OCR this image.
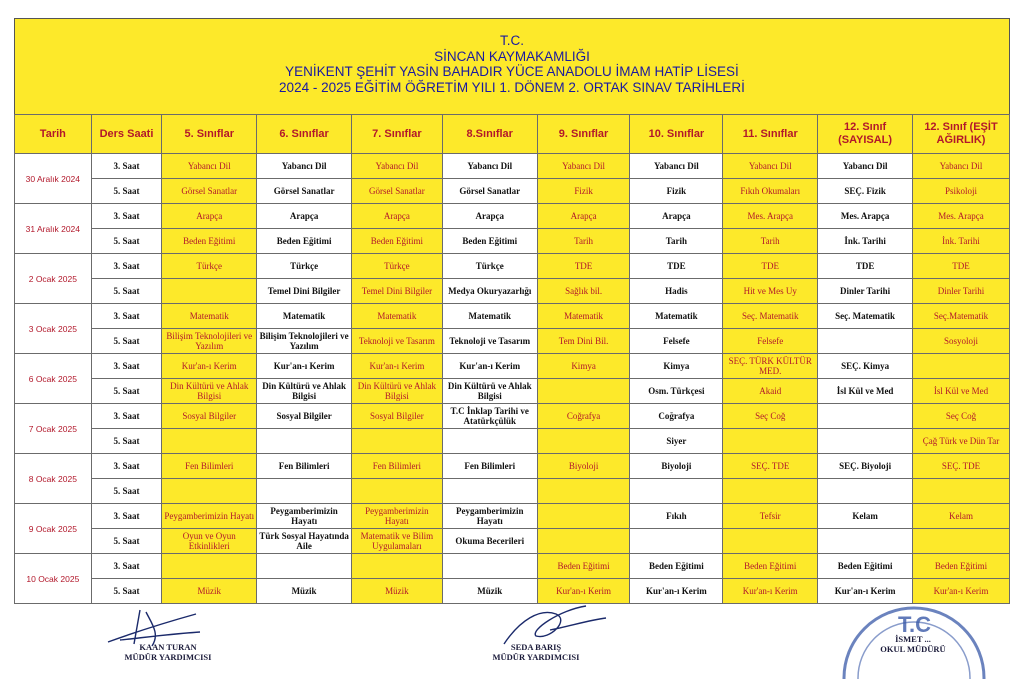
T.C.
SİNCAN KAYMAKAMLIĞI
YENİKENT ŞEHİT YASİN BAHADIR YÜCE ANADOLU İMAM HATİP LİSESİ
2024 - 2025 EĞİTİM ÖĞRETİM YILI 1. DÖNEM 2. ORTAK SINAV TARİHLERİ
Tarih	Ders Saati	5. Sınıflar	6. Sınıflar	7. Sınıflar	8.Sınıflar	9. Sınıflar	10. Sınıflar	11. Sınıflar	12. Sınıf (SAYISAL)	12. Sınıf (EŞİT AĞIRLIK)
30 Aralık 2024	3. Saat	Yabancı Dil	Yabancı Dil	Yabancı Dil	Yabancı Dil	Yabancı Dil	Yabancı Dil	Yabancı Dil	Yabancı Dil	Yabancı Dil
	5. Saat	Görsel Sanatlar	Görsel Sanatlar	Görsel Sanatlar	Görsel Sanatlar	Fizik	Fizik	Fıkıh Okumaları	SEÇ. Fizik	Psikoloji
31 Aralık 2024	3. Saat	Arapça	Arapça	Arapça	Arapça	Arapça	Arapça	Mes. Arapça	Mes. Arapça	Mes. Arapça
	5. Saat	Beden Eğitimi	Beden Eğitimi	Beden Eğitimi	Beden Eğitimi	Tarih	Tarih	Tarih	İnk. Tarihi	İnk. Tarihi
2 Ocak 2025	3. Saat	Türkçe	Türkçe	Türkçe	Türkçe	TDE	TDE	TDE	TDE	TDE
	5. Saat		Temel Dini Bilgiler	Temel Dini Bilgiler	Medya Okuryazarlığı	Sağlık bil.	Hadis	Hit ve Mes Uy	Dinler Tarihi	Dinler Tarihi
3 Ocak 2025	3. Saat	Matematik	Matematik	Matematik	Matematik	Matematik	Matematik	Seç. Matematik	Seç. Matematik	Seç.Matematik
	5. Saat	Bilişim Teknolojileri ve Yazılım	Bilişim Teknolojileri ve Yazılım	Teknoloji ve Tasarım	Teknoloji ve Tasarım	Tem Dini Bil.	Felsefe	Felsefe		Sosyoloji
6 Ocak 2025	3. Saat	Kur'an-ı Kerim	Kur'an-ı Kerim	Kur'an-ı Kerim	Kur'an-ı Kerim	Kimya	Kimya	SEÇ. TÜRK KÜLTÜR MED.	SEÇ. Kimya	
	5. Saat	Din Kültürü ve Ahlak Bilgisi	Din Kültürü ve Ahlak Bilgisi	Din Kültürü ve Ahlak Bilgisi	Din Kültürü ve Ahlak Bilgisi		Osm. Türkçesi	Akaid	İsl Kül ve Med	İsl Kül ve Med
7 Ocak 2025	3. Saat	Sosyal Bilgiler	Sosyal Bilgiler	Sosyal Bilgiler	T.C İnklap Tarihi ve Atatürkçülük	Coğrafya	Coğrafya	Seç Coğ		Seç Coğ
	5. Saat						Siyer			Çağ Türk ve Dün Tar
8 Ocak 2025	3. Saat	Fen Bilimleri	Fen Bilimleri	Fen Bilimleri	Fen Bilimleri	Biyoloji	Biyoloji	SEÇ. TDE	SEÇ. Biyoloji	SEÇ. TDE
	5. Saat									
9 Ocak 2025	3. Saat	Peygamberimizin Hayatı	Peygamberimizin Hayatı	Peygamberimizin Hayatı	Peygamberimizin Hayatı		Fıkıh	Tefsir	Kelam	Kelam
	5. Saat	Oyun ve Oyun Etkinlikleri	Türk Sosyal Hayatında Aile	Matematik ve Bilim Uygulamaları	Okuma Becerileri					
10 Ocak 2025	3. Saat					Beden Eğitimi	Beden Eğitimi	Beden Eğitimi	Beden Eğitimi	Beden Eğitimi
	5. Saat	Müzik	Müzik	Müzik	Müzik	Kur'an-ı Kerim	Kur'an-ı Kerim	Kur'an-ı Kerim	Kur'an-ı Kerim	Kur'an-ı Kerim
KAAN TURAN
MÜDÜR YARDIMCISI
SEDA BARIŞ
MÜDÜR YARDIMCISI
T.C
İSMET ...
OKUL MÜDÜRÜ
